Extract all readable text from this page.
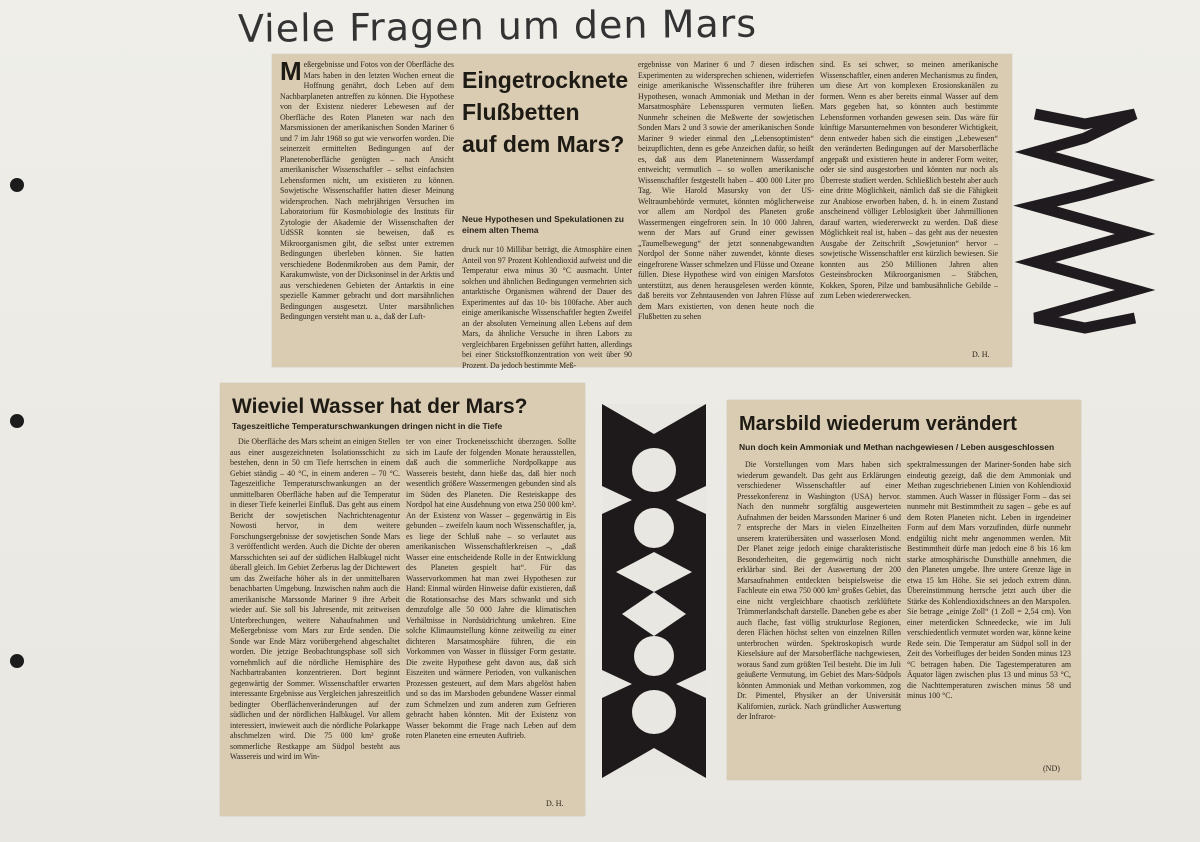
Viele Fragen um den Mars

Meßergebnisse und Fotos von der Oberfläche des Mars haben in den letzten Wochen erneut die Hoffnung genährt, doch Leben auf dem Nachbarplaneten antreffen zu können. Die Hypothese von der Existenz niederer Lebewesen auf der Oberfläche des Roten Planeten war nach den Marsmissionen der amerikanischen Sonden Mariner 6 und 7 im Jahr 1968 so gut wie verworfen worden. Die seinerzeit ermittelten Bedingungen auf der Planetenoberfläche genügten – nach Ansicht amerikanischer Wissenschaftler – selbst einfachsten Lebensformen nicht, um existieren zu können. Sowjetische Wissenschaftler hatten dieser Meinung widersprochen. Nach mehrjährigen Versuchen im Laboratorium für Kosmobiologie des Instituts für Zytologie der Akademie der Wissenschaften der UdSSR konnten sie beweisen, daß es Mikroorganismen gibt, die selbst unter extremen Bedingungen überleben können. Sie hatten verschiedene Bodenmikroben aus dem Pamir, der Karakumwüste, von der Dicksoninsel in der Arktis und aus verschiedenen Gebieten der Antarktis in eine spezielle Kammer gebracht und dort marsähnlichen Bedingungen ausgesetzt. Unter marsähnlichen Bedingungen versteht man u. a., daß der Luft-

Eingetrocknete
Flußbetten
auf dem Mars?
Neue Hypothesen und Spekulationen zu einem alten Thema

druck nur 10 Millibar beträgt, die Atmosphäre einen Anteil von 97 Prozent Kohlendioxid aufweist und die Temperatur etwa minus 30 °C ausmacht. Unter solchen und ähnlichen Bedingungen vermehrten sich antarktische Organismen während der Dauer des Experimentes auf das 10- bis 100fache. Aber auch einige amerikanische Wissenschaftler hegten Zweifel an der absoluten Verneinung allen Lebens auf dem Mars, da ähnliche Versuche in ihren Labors zu vergleichbaren Ergebnissen geführt hatten, allerdings bei einer Stickstoffkonzentration von weit über 90 Prozent. Da jedoch bestimmte Meß-

ergebnisse von Mariner 6 und 7 diesen irdischen Experimenten zu widersprechen schienen, widerriefen einige amerikanische Wissenschaftler ihre früheren Hypothesen, wonach Ammoniak und Methan in der Marsatmosphäre Lebensspuren vermuten ließen. Nunmehr scheinen die Meßwerte der sowjetischen Sonden Mars 2 und 3 sowie der amerikanischen Sonde Mariner 9 wieder einmal den „Lebensoptimisten“ beizupflichten, denn es gebe Anzeichen dafür, so heißt es, daß aus dem Planeteninnern Wasserdampf entweicht; vermutlich – so wollen amerikanische Wissenschaftler festgestellt haben – 400 000 Liter pro Tag. Wie Harold Masursky von der US-Weltraumbehörde vermutet, könnten möglicherweise vor allem am Nordpol des Planeten große Wassermengen eingefroren sein. In 10 000 Jahren, wenn der Mars auf Grund einer gewissen „Taumelbewegung“ der jetzt sonnenabgewandten Nordpol der Sonne näher zuwendet, könnte dieses eingefrorene Wasser schmelzen und Flüsse und Ozeane füllen. Diese Hypothese wird von einigen Marsfotos unterstützt, aus denen herausgelesen werden könnte, daß bereits vor Zehntausenden von Jahren Flüsse auf dem Mars existierten, von denen heute noch die Flußbetten zu sehen

sind. Es sei schwer, so meinen amerikanische Wissenschaftler, einen anderen Mechanismus zu finden, um diese Art von komplexen Erosionskanälen zu formen. Wenn es aber bereits einmal Wasser auf dem Mars gegeben hat, so könnten auch bestimmte Lebensformen vorhanden gewesen sein. Das wäre für künftige Marsunternehmen von besonderer Wichtigkeit, denn entweder haben sich die einstigen „Lebewesen“ den veränderten Bedingungen auf der Marsoberfläche angepaßt und existieren heute in anderer Form weiter, oder sie sind ausgestorben und könnten nur noch als Überreste studiert werden. Schließlich besteht aber auch eine dritte Möglichkeit, nämlich daß sie die Fähigkeit zur Anabiose erworben haben, d. h. in einem Zustand anscheinend völliger Leblosigkeit über Jahrmillionen darauf warten, wiedererweckt zu werden. Daß diese Möglichkeit real ist, haben – das geht aus der neuesten Ausgabe der Zeitschrift „Sowjetunion“ hervor – sowjetische Wissenschaftler erst kürzlich bewiesen. Sie konnten aus 250 Millionen Jahren alten Gesteinsbrocken Mikroorganismen – Stäbchen, Kokken, Sporen, Pilze und bambusähnliche Gebilde – zum Leben wiedererwecken.

D. H.
Wieviel Wasser hat der Mars?
Tageszeitliche Temperaturschwankungen dringen nicht in die Tiefe

Die Oberfläche des Mars scheint an einigen Stellen aus einer ausgezeichneten Isolationsschicht zu bestehen, denn in 50 cm Tiefe herrschen in einem Gebiet ständig – 40 °C, in einem anderen – 70 °C. Tageszeitliche Temperaturschwankungen an der unmittelbaren Oberfläche haben auf die Temperatur in dieser Tiefe keinerlei Einfluß. Das geht aus einem Bericht der sowjetischen Nachrichtenagentur Nowosti hervor, in dem weitere Forschungsergebnisse der sowjetischen Sonde Mars 3 veröffentlicht werden. Auch die Dichte der oberen Marsschichten sei auf der südlichen Halbkugel nicht überall gleich. Im Gebiet Zerberus lag der Dichtewert um das Zweifache höher als in der unmittelbaren benachbarten Umgebung. Inzwischen nahm auch die amerikanische Marssonde Mariner 9 ihre Arbeit wieder auf. Sie soll bis Jahresende, mit zeitweisen Unterbrechungen, weitere Nahaufnahmen und Meßergebnisse vom Mars zur Erde senden. Die Sonde war Ende März vorübergehend abgeschaltet worden. Die jetzige Beobachtungsphase soll sich vornehmlich auf die nördliche Hemisphäre des Nachbartrabanten konzentrieren. Dort beginnt gegenwärtig der Sommer. Wissenschaftler erwarten interessante Ergebnisse aus Vergleichen jahreszeitlich bedingter Oberflächenveränderungen auf der südlichen und der nördlichen Halbkugel. Vor allem interessiert, inwieweit auch die nördliche Polarkappe abschmelzen wird. Die 75 000 km² große sommerliche Restkappe am Südpol besteht aus Wassereis und wird im Win-

ter von einer Trockeneisschicht überzogen. Sollte sich im Laufe der folgenden Monate herausstellen, daß auch die sommerliche Nordpolkappe aus Wassereis besteht, dann hieße das, daß hier noch wesentlich größere Wassermengen gebunden sind als im Süden des Planeten. Die Resteiskappe des Nordpol hat eine Ausdehnung von etwa 250 000 km². An der Existenz von Wasser – gegenwärtig in Eis gebunden – zweifeln kaum noch Wissenschaftler, ja, es liege der Schluß nahe – so verlautet aus amerikanischen Wissenschaftlerkreisen –, „daß Wasser eine entscheidende Rolle in der Entwicklung des Planeten gespielt hat“. Für das Wasservorkommen hat man zwei Hypothesen zur Hand: Einmal würden Hinweise dafür existieren, daß die Rotationsachse des Mars schwankt und sich demzufolge alle 50 000 Jahre die klimatischen Verhältnisse in Nordsüdrichtung umkehren. Eine solche Klimaumstellung könne zeitweilig zu einer dichteren Marsatmosphäre führen, die ein Vorkommen von Wasser in flüssiger Form gestatte. Die zweite Hypothese geht davon aus, daß sich Eiszeiten und wärmere Perioden, von vulkanischen Prozessen gesteuert, auf dem Mars abgelöst haben und so das im Marsboden gebundene Wasser einmal zum Schmelzen und zum anderen zum Gefrieren gebracht haben könnten. Mit der Existenz von Wasser bekommt die Frage nach Leben auf dem roten Planeten eine erneuten Auftrieb.

D. H.
Marsbild wiederum verändert
Nun doch kein Ammoniak und Methan nachgewiesen / Leben ausgeschlossen

Die Vorstellungen vom Mars haben sich wiederum gewandelt. Das geht aus Erklärungen verschiedener Wissenschaftler auf einer Pressekonferenz in Washington (USA) hervor. Nach den nunmehr sorgfältig ausgewerteten Aufnahmen der beiden Marssonden Mariner 6 und 7 entspreche der Mars in vielen Einzelheiten unserem kraterübersäten und wasserlosen Mond. Der Planet zeige jedoch einige charakteristische Besonderheiten, die gegenwärtig noch nicht erklärbar sind. Bei der Auswertung der 200 Marsaufnahmen entdeckten beispielsweise die Fachleute ein etwa 750 000 km² großes Gebiet, das eine nicht vergleichbare chaotisch zerklüftete Trümmerlandschaft darstelle. Daneben gebe es aber auch flache, fast völlig strukturlose Regionen, deren Flächen höchst selten von einzelnen Rillen unterbrochen würden. Spektroskopisch wurde Kieselsäure auf der Marsoberfläche nachgewiesen, woraus Sand zum größten Teil besteht. Die im Juli geäußerte Vermutung, im Gebiet des Mars-Südpols könnten Ammoniak und Methan vorkommen, zog Dr. Pimentel, Physiker an der Universität Kalifornien, zurück. Nach gründlicher Auswertung der Infrarot-

spektralmessungen der Mariner-Sonden habe sich eindeutig gezeigt, daß die dem Ammoniak und Methan zugeschriebenen Linien von Kohlendioxid stammen. Auch Wasser in flüssiger Form – das sei nunmehr mit Bestimmtheit zu sagen – gebe es auf dem Roten Planeten nicht. Leben in irgendeiner Form auf dem Mars vorzufinden, dürfe nunmehr endgültig nicht mehr angenommen werden. Mit Bestimmtheit dürfe man jedoch eine 8 bis 16 km starke atmosphärische Dunsthülle annehmen, die den Planeten umgebe. Ihre untere Grenze läge in etwa 15 km Höhe. Sie sei jedoch extrem dünn. Übereinstimmung herrsche jetzt auch über die Stärke des Kohlendioxidschnees an den Marspolen. Sie betrage „einige Zoll“ (1 Zoll = 2,54 cm). Von einer meterdicken Schneedecke, wie im Juli verschiedentlich vermutet worden war, könne keine Rede sein. Die Temperatur am Südpol soll in der Zeit des Vorbeifluges der beiden Sonden minus 123 °C betragen haben. Die Tagestemperaturen am Äquator lägen zwischen plus 13 und minus 53 °C, die Nachttemperaturen zwischen minus 58 und minus 100 °C.

(ND)
